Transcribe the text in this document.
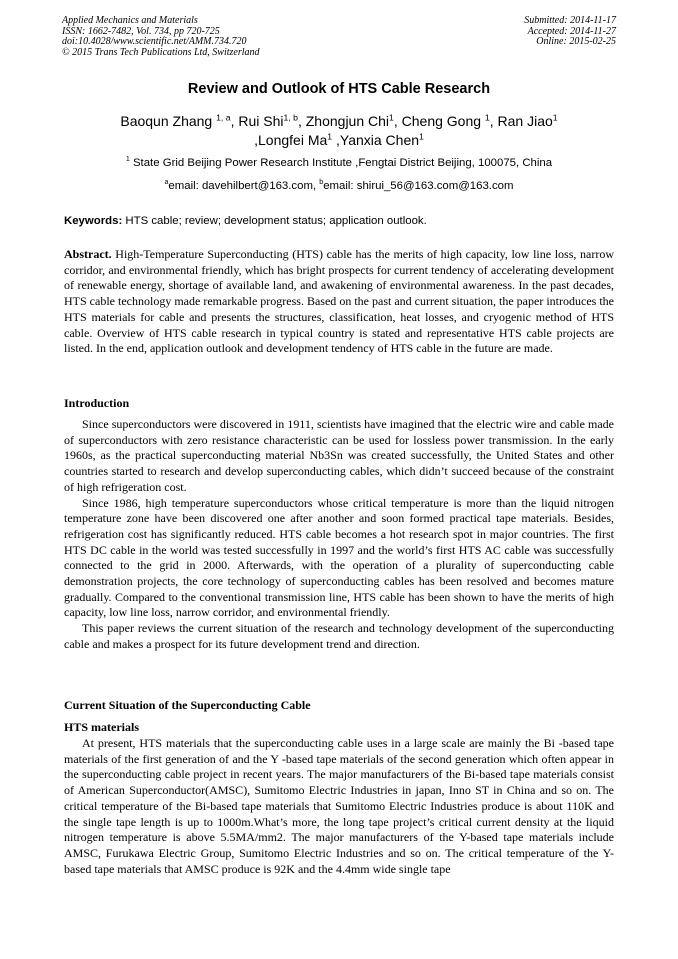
Applied Mechanics and Materials
ISSN: 1662-7482, Vol. 734, pp 720-725
doi:10.4028/www.scientific.net/AMM.734.720
© 2015 Trans Tech Publications Ltd, Switzerland
Submitted: 2014-11-17
Accepted: 2014-11-27
Online: 2015-02-25
Review and Outlook of HTS Cable Research
Baoqun Zhang $^{1, a}$, Rui Shi$^{1, b}$, Zhongjun Chi$^1$, Cheng Gong $^1$, Ran Jiao$^1$
,Longfei Ma$^1$ ,Yanxia Chen$^1$
$^1$ State Grid Beijing Power Research Institute ,Fengtai District Beijing, 100075, China
$^a$email: davehilbert@163.com, $^b$email: shirui_56@163.com@163.com
Keywords: HTS cable; review; development status; application outlook.
Abstract. High-Temperature Superconducting (HTS) cable has the merits of high capacity, low line loss, narrow corridor, and environmental friendly, which has bright prospects for current tendency of accelerating development of renewable energy, shortage of available land, and awakening of environmental awareness. In the past decades, HTS cable technology made remarkable progress. Based on the past and current situation, the paper introduces the HTS materials for cable and presents the structures, classification, heat losses, and cryogenic method of HTS cable. Overview of HTS cable research in typical country is stated and representative HTS cable projects are listed. In the end, application outlook and development tendency of HTS cable in the future are made.
Introduction

Since superconductors were discovered in 1911, scientists have imagined that the electric wire and cable made of superconductors with zero resistance characteristic can be used for lossless power transmission. In the early 1960s, as the practical superconducting material Nb3Sn was created successfully, the United States and other countries started to research and develop superconducting cables, which didn’t succeed because of the constraint of high refrigeration cost.

Since 1986, high temperature superconductors whose critical temperature is more than the liquid nitrogen temperature zone have been discovered one after another and soon formed practical tape materials. Besides, refrigeration cost has significantly reduced. HTS cable becomes a hot research spot in major countries. The first HTS DC cable in the world was tested successfully in 1997 and the world’s first HTS AC cable was successfully connected to the grid in 2000. Afterwards, with the operation of a plurality of superconducting cable demonstration projects, the core technology of superconducting cables has been resolved and becomes mature gradually. Compared to the conventional transmission line, HTS cable has been shown to have the merits of high capacity, low line loss, narrow corridor, and environmental friendly.

This paper reviews the current situation of the research and technology development of the superconducting cable and makes a prospect for its future development trend and direction.

Current Situation of the Superconducting Cable
HTS materials

At present, HTS materials that the superconducting cable uses in a large scale are mainly the Bi -based tape materials of the first generation of and the Y -based tape materials of the second generation which often appear in the superconducting cable project in recent years. The major manufacturers of the Bi-based tape materials consist of American Superconductor(AMSC), Sumitomo Electric Industries in japan, Inno ST in China and so on. The critical temperature of the Bi-based tape materials that Sumitomo Electric Industries produce is about 110K and the single tape length is up to 1000m.What’s more, the long tape project’s critical current density at the liquid nitrogen temperature is above 5.5MA/mm2. The major manufacturers of the Y-based tape materials include AMSC, Furukawa Electric Group, Sumitomo Electric Industries and so on. The critical temperature of the Y-based tape materials that AMSC produce is 92K and the 4.4mm wide single tape
